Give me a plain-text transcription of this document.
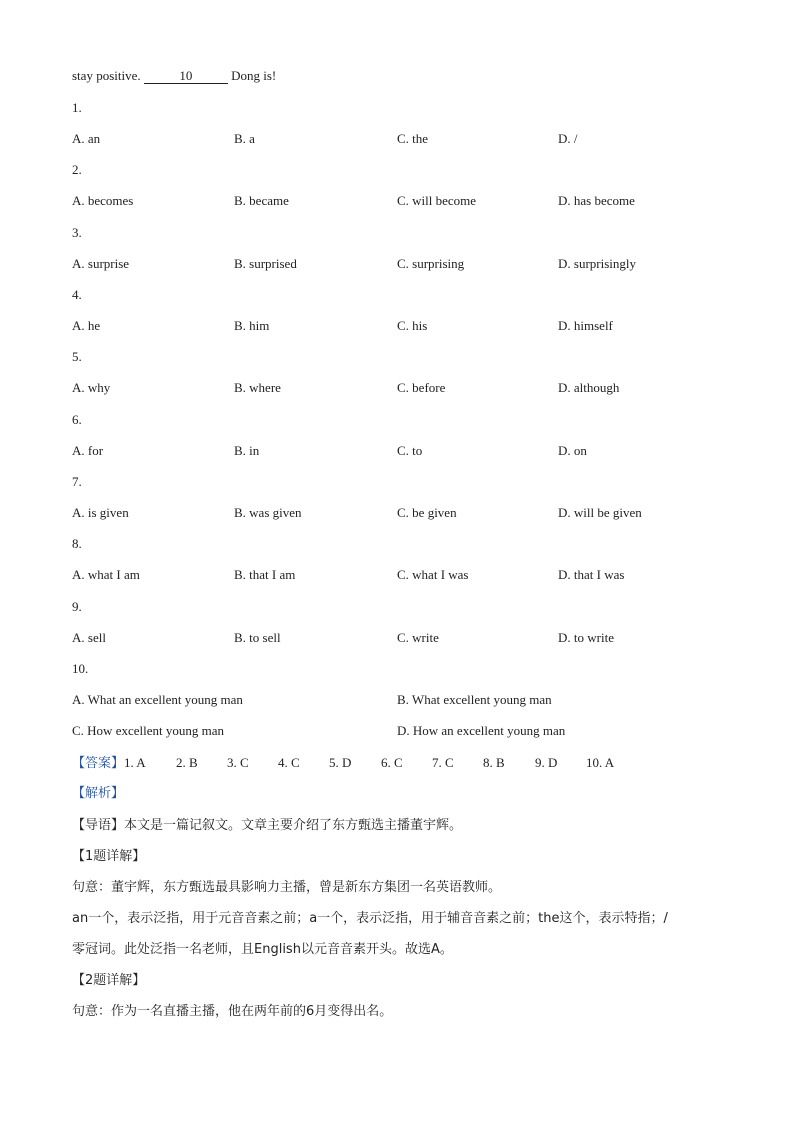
stay positive.	10	Dong is!
1.
A. an	B. a	C. the	D. /
2.
A. becomes	B. became	C. will become	D. has become
3.
A. surprise	B. surprised	C. surprising	D. surprisingly
4.
A. he	B. him	C. his	D. himself
5.
A. why	B. where	C. before	D. although
6.
A. for	B. in	C. to	D. on
7.
A. is given	B. was given	C. be given	D. will be given
8.
A. what I am	B. that I am	C. what I was	D. that I was
9.
A. sell	B. to sell	C. write	D. to write
10.
A. What an excellent young man	B. What excellent young man
C. How excellent young man	D. How an excellent young man
【答案】1. A 2. B 3. C 4. C 5. D 6. C 7. C 8. B 9. D 10. A
【解析】
【导语】本文是一篇记叙文。文章主要介绍了东方甄选主播董宇辉。
【1题详解】
句意：董宇辉，东方甄选最具影响力主播，曾是新东方集团一名英语教师。
an一个，表示泛指，用于元音音素之前；a一个，表示泛指，用于辅音音素之前；the这个，表示特指；/
零冠词。此处泛指一名老师，且English以元音音素开头。故选A。
【2题详解】
句意：作为一名直播主播，他在两年前的6月变得出名。
